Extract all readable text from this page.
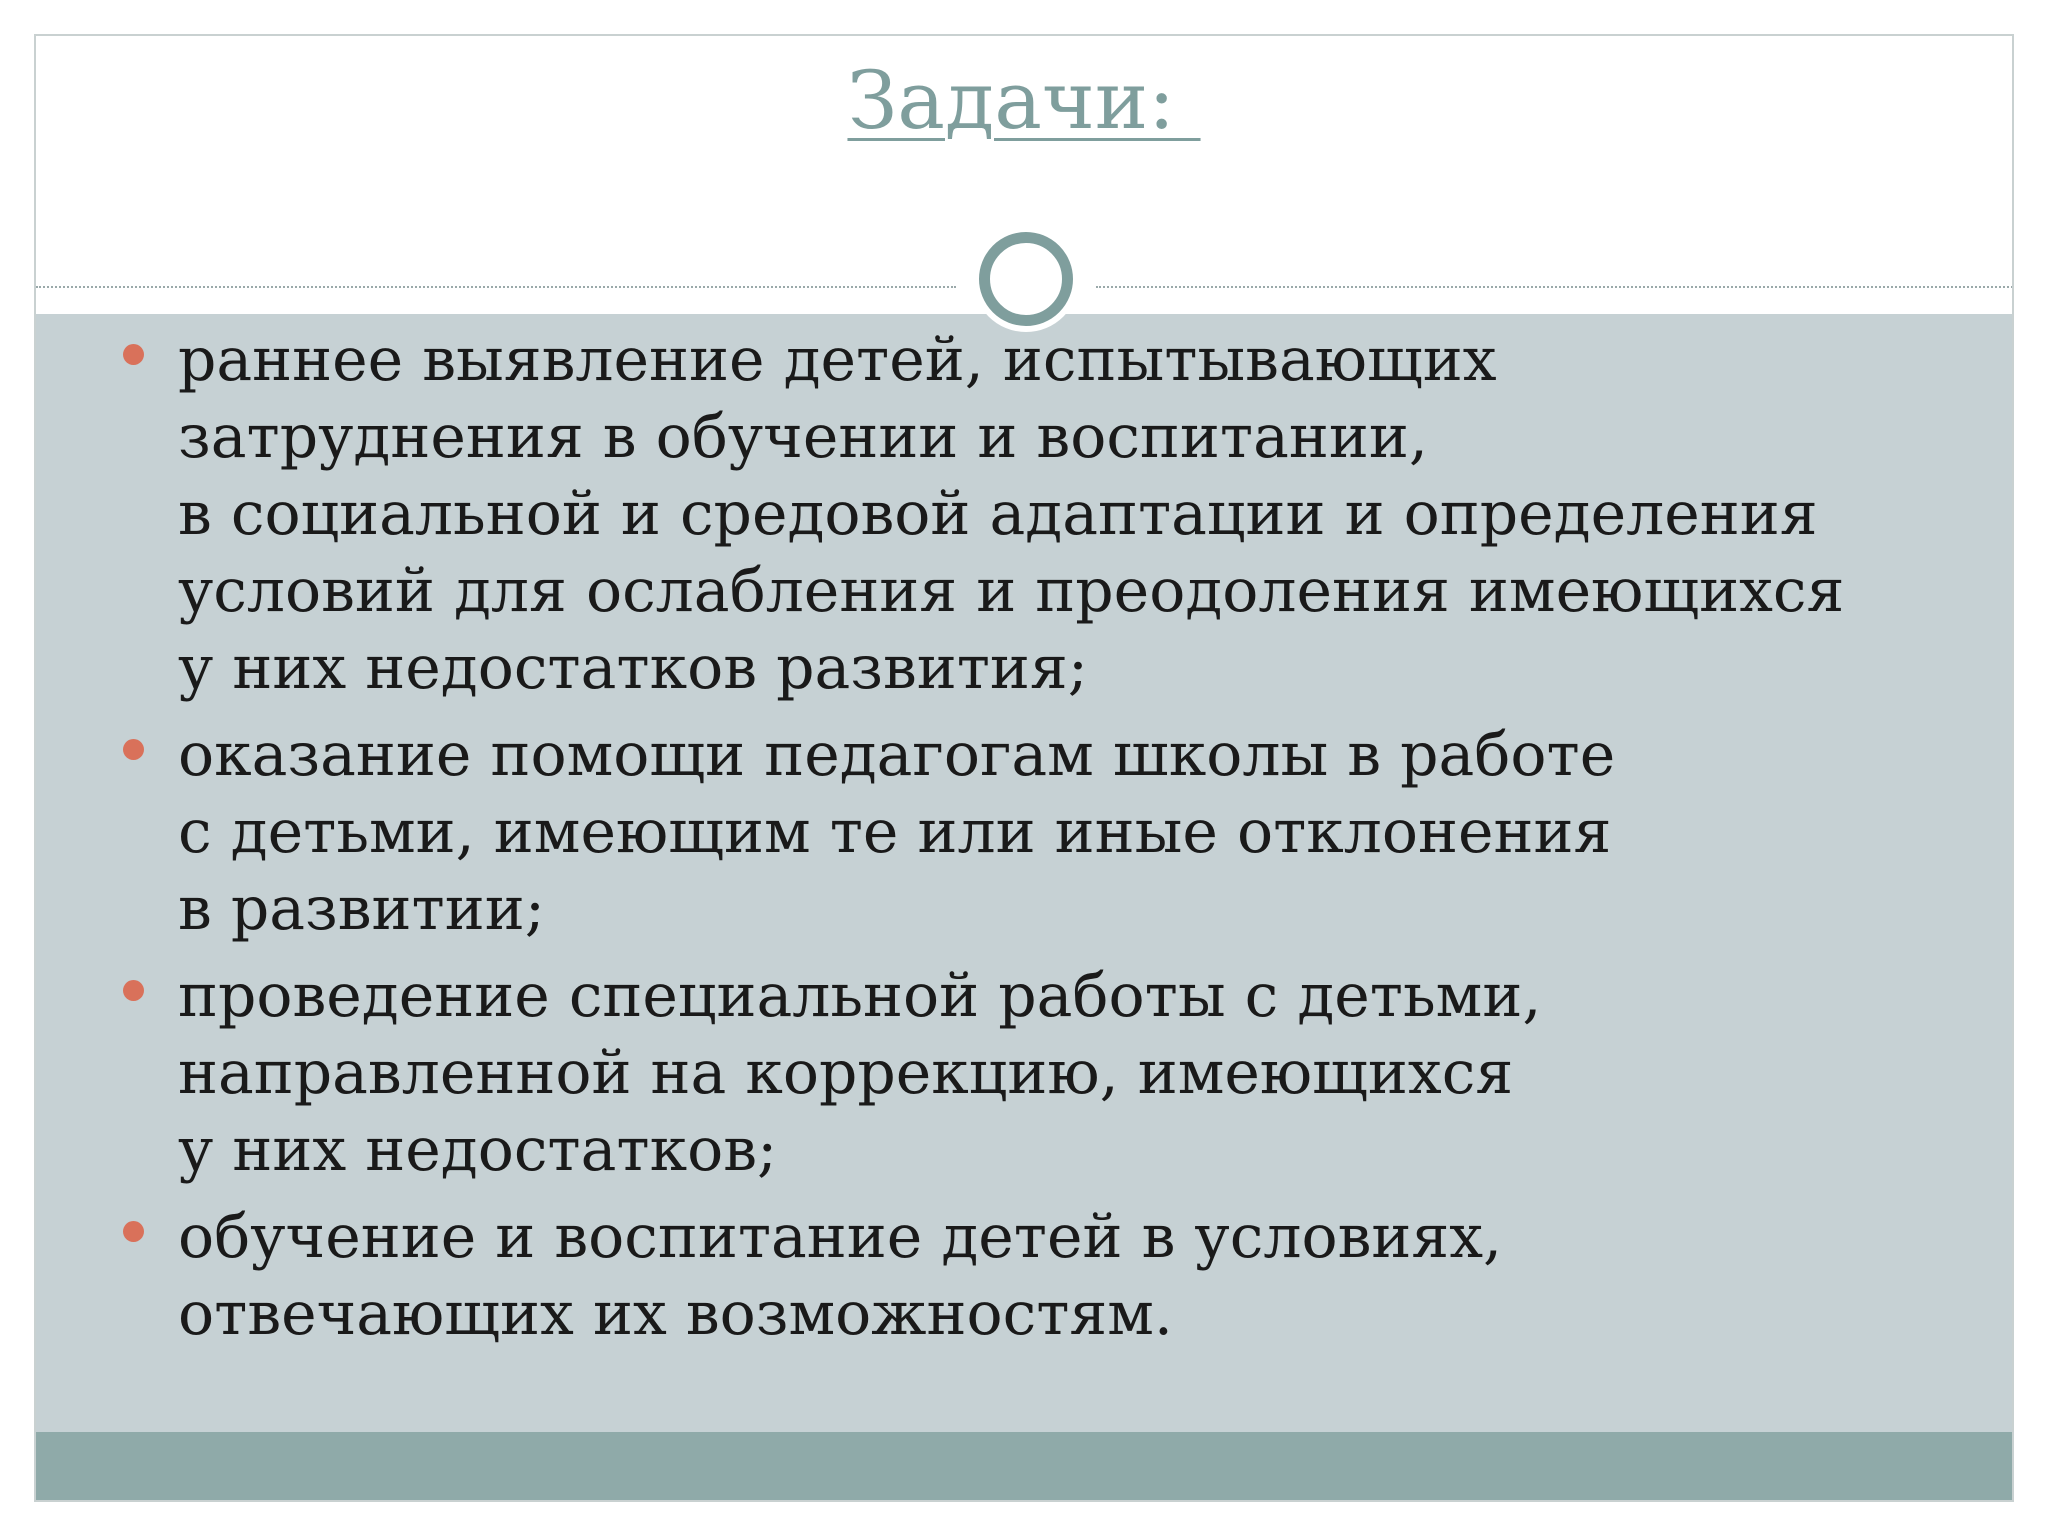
Задачи:
раннее выявление детей, испытывающих
затруднения в обучении и воспитании,
в социальной и средовой адаптации и определения
условий для ослабления и преодоления имеющихся
у них недостатков развития;
оказание помощи педагогам школы в работе
с детьми, имеющим те или иные отклонения
в развитии;
проведение специальной работы с детьми,
направленной на коррекцию, имеющихся
у них недостатков;
обучение и воспитание детей в условиях,
отвечающих их возможностям.
